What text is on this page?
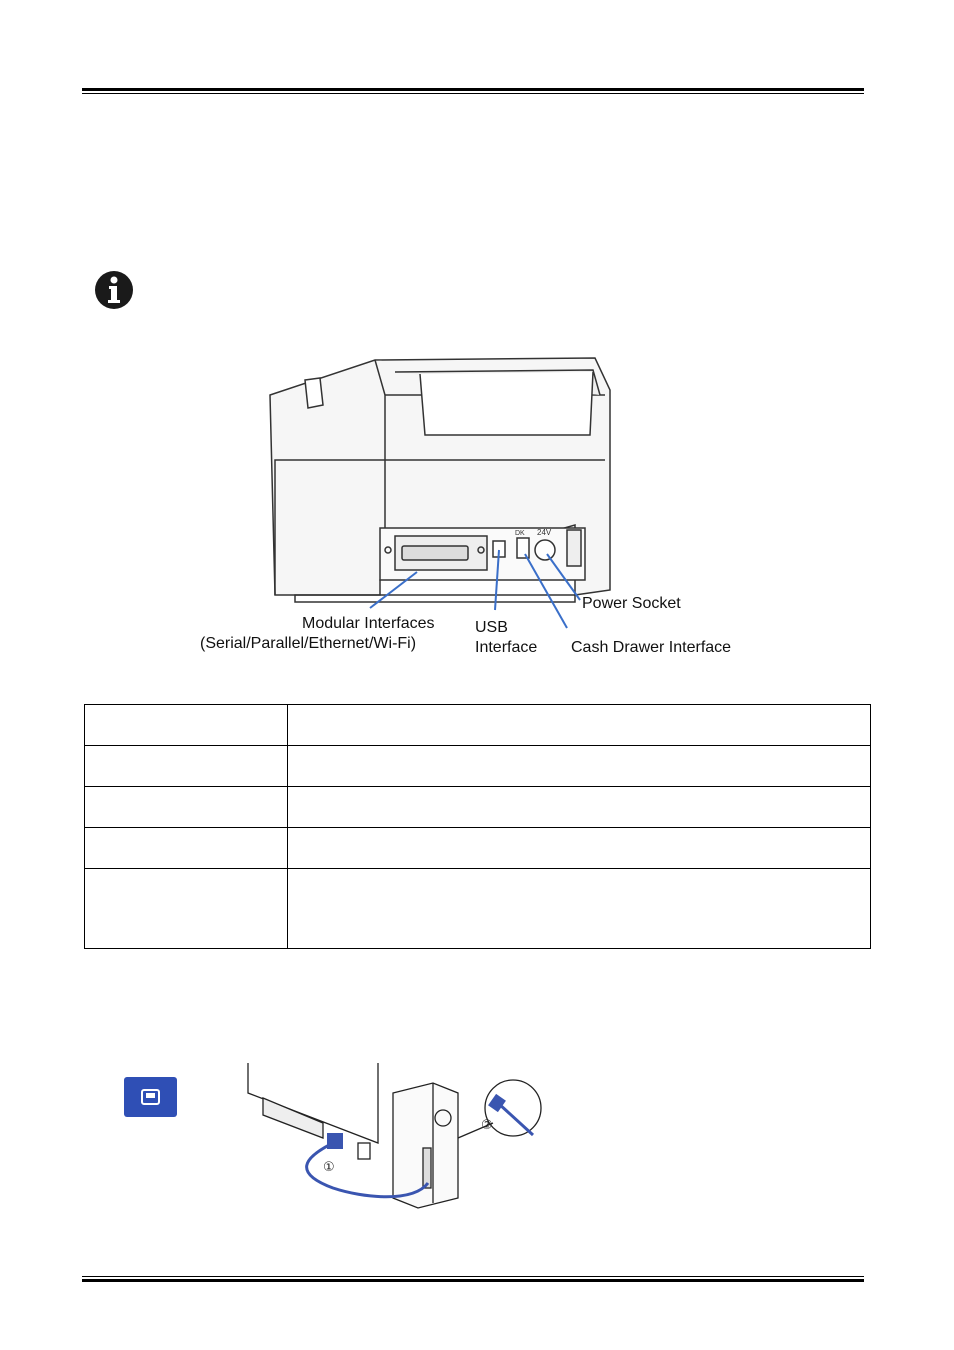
DK 24V
Modular Interfaces
(Serial/Parallel/Ethernet/Wi-Fi)
USB
Interface Cash Drawer Interface
Power Socket

①
②
